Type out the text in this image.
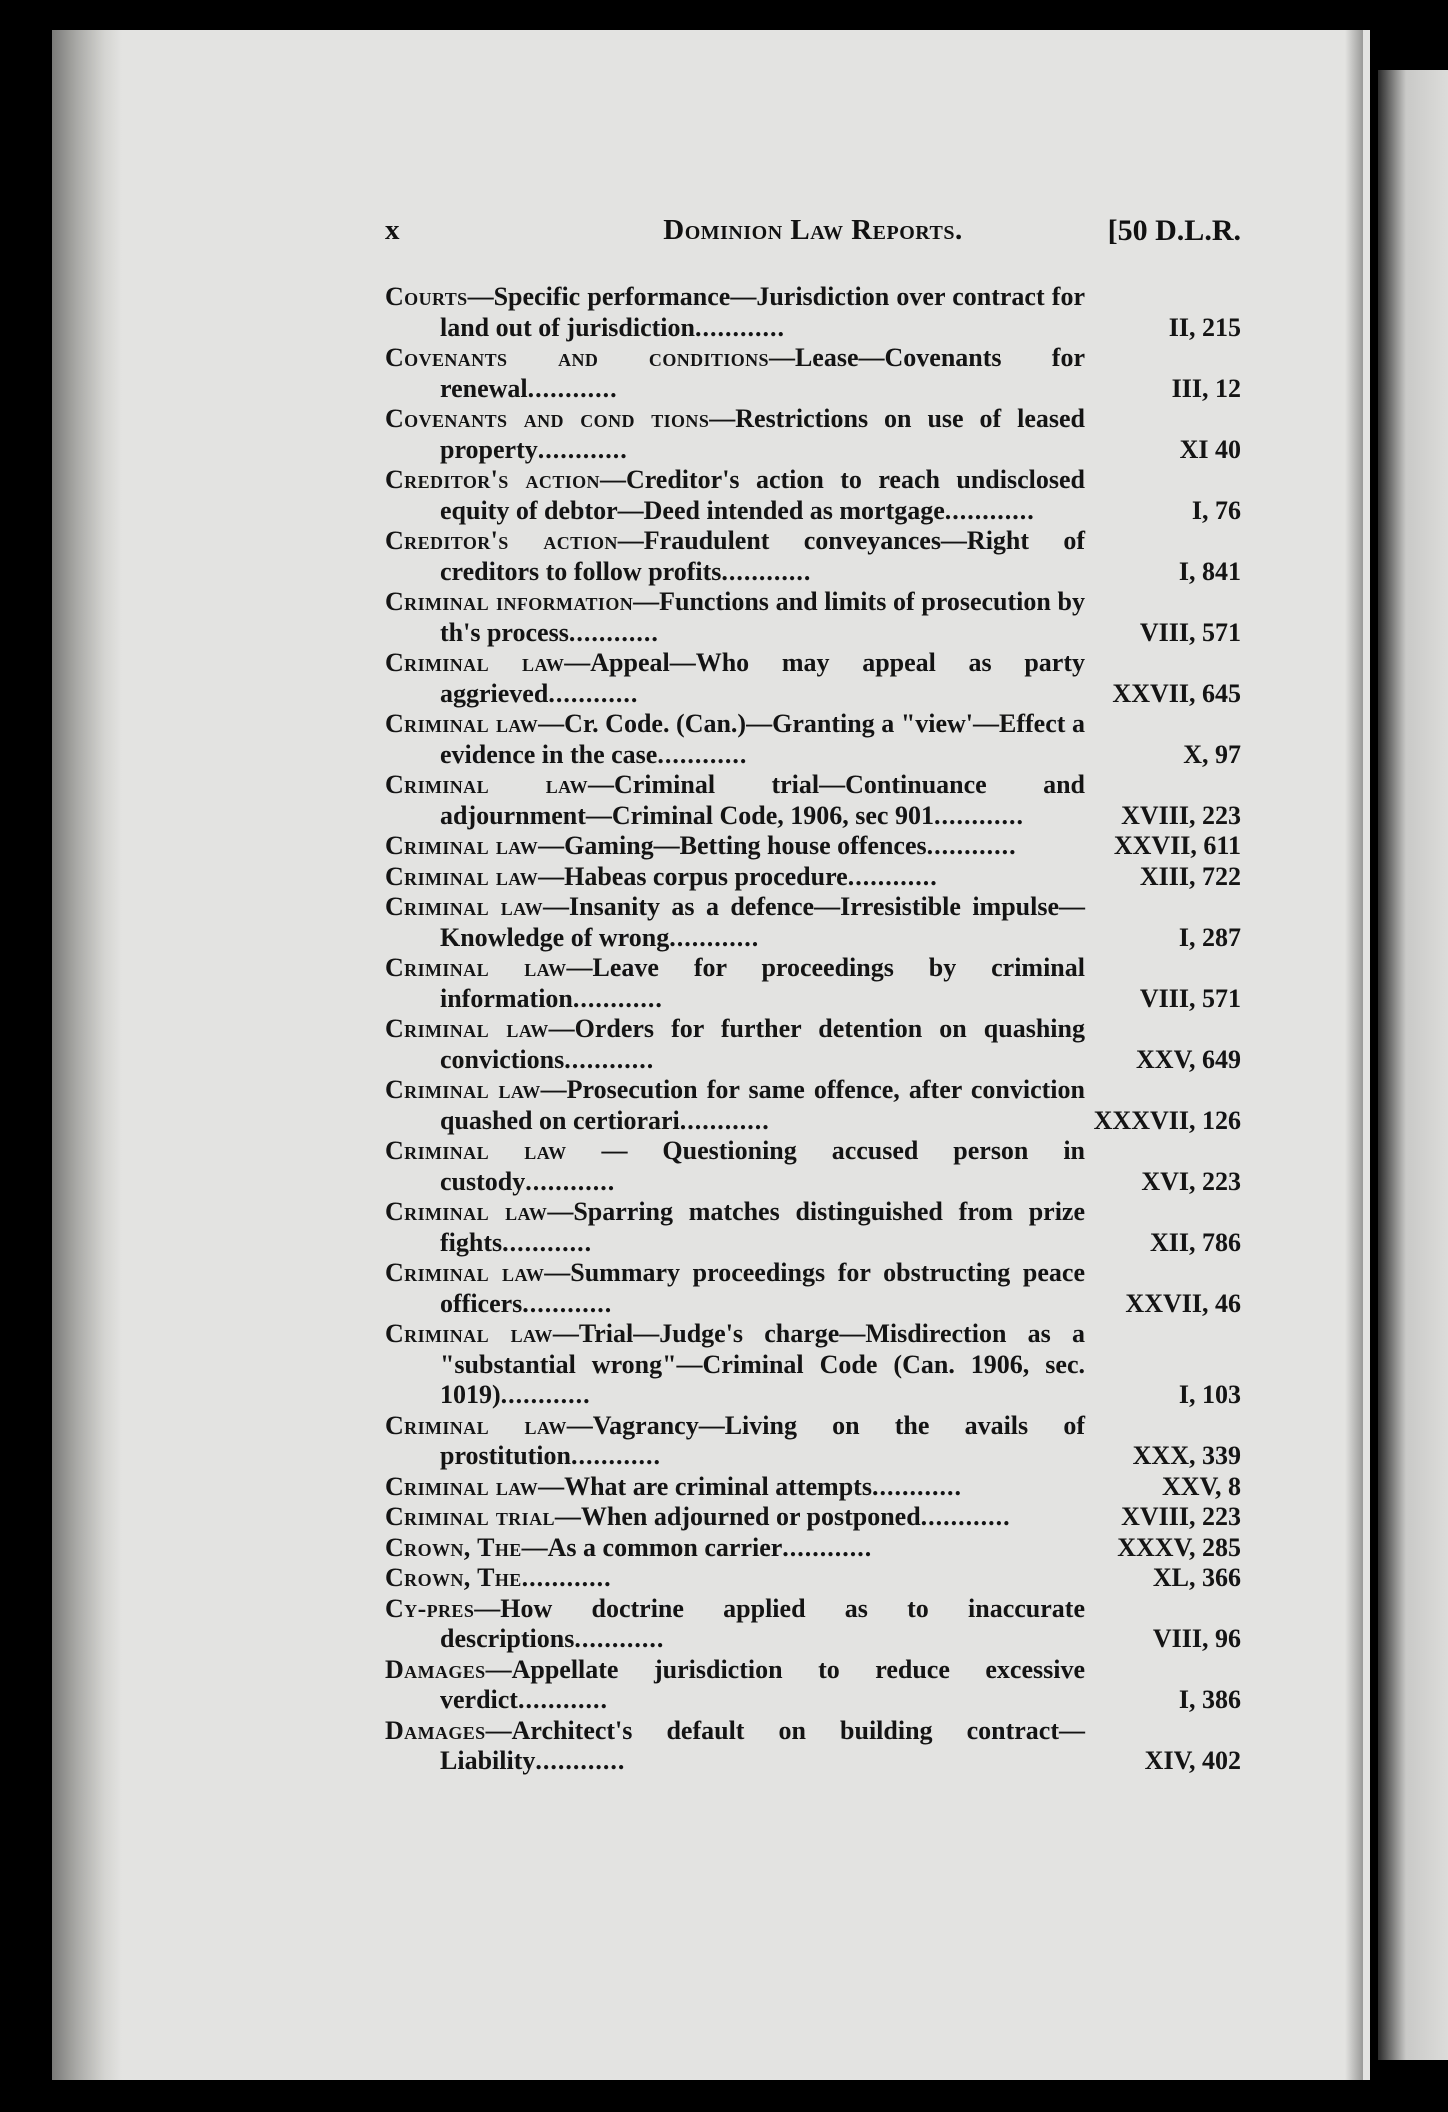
x	Dominion Law Reports.	[50 D.L.R.
Courts—Specific performance—Jurisdiction over contract for land out of jurisdiction............	II, 215
Covenants and conditions—Lease—Covenants for renewal............	III, 12
Covenants and cond tions—Restrictions on use of leased property............	XI 40
Creditor's action—Creditor's action to reach undisclosed equity of debtor—Deed intended as mortgage............	I, 76
Creditor's action—Fraudulent conveyances—Right of creditors to follow profits............	I, 841
Criminal information—Functions and limits of prosecution by th's process............	VIII, 571
Criminal law—Appeal—Who may appeal as party aggrieved............	XXVII, 645
Criminal law—Cr. Code. (Can.)—Granting a "view'—Effect a evidence in the case............	X, 97
Criminal law—Criminal trial—Continuance and adjournment—Criminal Code, 1906, sec 901............	XVIII, 223
Criminal law—Gaming—Betting house offences............	XXVII, 611
Criminal law—Habeas corpus procedure............	XIII, 722
Criminal law—Insanity as a defence—Irresistible impulse—Knowledge of wrong............	I, 287
Criminal law—Leave for proceedings by criminal information............	VIII, 571
Criminal law—Orders for further detention on quashing convictions............	XXV, 649
Criminal law—Prosecution for same offence, after conviction quashed on certiorari............	XXXVII, 126
Criminal law — Questioning accused person in custody............	XVI, 223
Criminal law—Sparring matches distinguished from prize fights............	XII, 786
Criminal law—Summary proceedings for obstructing peace officers............	XXVII, 46
Criminal law—Trial—Judge's charge—Misdirection as a "substantial wrong"—Criminal Code (Can. 1906, sec. 1019)............	I, 103
Criminal law—Vagrancy—Living on the avails of prostitution............	XXX, 339
Criminal law—What are criminal attempts............	XXV, 8
Criminal trial—When adjourned or postponed............	XVIII, 223
Crown, The—As a common carrier............	XXXV, 285
Crown, The............	XL, 366
Cy-pres—How doctrine applied as to inaccurate descriptions............	VIII, 96
Damages—Appellate jurisdiction to reduce excessive verdict............	I, 386
Damages—Architect's default on building contract—Liability............	XIV, 402
